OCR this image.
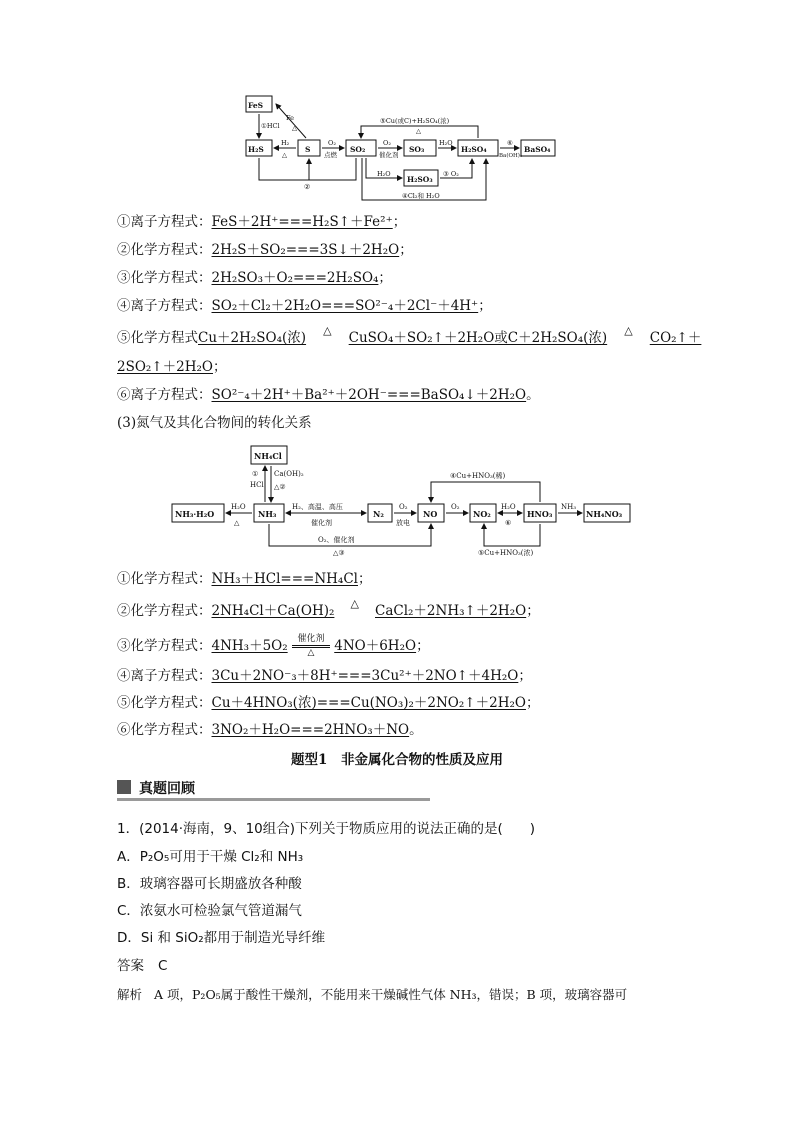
FeS
H₂S	S	SO₂	SO₃	H₂SO₄	BaSO₄
H₂SO₃
①HCl
Fe
△
H₂
△
O₂
点燃
O₂
催化剂
H₂O	⑥
Ba(OH)₂
⑤Cu(或C)+H₂SO₄(浓)
△
②
H₂O	③ O₂
④Cl₂和 H₂O
①离子方程式：FeS＋2H⁺===H₂S↑＋Fe²⁺；
②化学方程式：2H₂S＋SO₂===3S↓＋2H₂O；
③化学方程式：2H₂SO₃＋O₂===2H₂SO₄；
④离子方程式：SO₂＋Cl₂＋2H₂O===SO²⁻₄＋2Cl⁻＋4H⁺；
⑤化学方程式Cu＋2H₂SO₄(浓) △ CuSO₄＋SO₂↑＋2H₂O或C＋2H₂SO₄(浓) △ CO₂↑＋
2SO₂↑＋2H₂O；
⑥离子方程式：SO²⁻₄＋2H⁺＋Ba²⁺＋2OH⁻===BaSO₄↓＋2H₂O。
(3)氮气及其化合物间的转化关系
NH₄Cl
NH₃·H₂O	NH₃	N₂	NO	NO₂	HNO₃	NH₄NO₃
①
HCl
Ca(OH)₂
△②
H₂O
△
H₂、高温、高压
催化剂
O₂
放电
O₂	H₂O
⑥
NH₃
④Cu+HNO₃(稀)
⑤Cu+HNO₃(浓)
O₂、催化剂
△③
①化学方程式：NH₃＋HCl===NH₄Cl；
②化学方程式：2NH₄Cl＋Ca(OH)₂ △ CaCl₂＋2NH₃↑＋2H₂O；
③化学方程式：4NH₃＋5O₂	催化剂
△	4NO＋6H₂O；
④离子方程式：3Cu＋2NO⁻₃＋8H⁺===3Cu²⁺＋2NO↑＋4H₂O；
⑤化学方程式：Cu＋4HNO₃(浓)===Cu(NO₃)₂＋2NO₂↑＋2H₂O；
⑥化学方程式：3NO₂＋H₂O===2HNO₃＋NO。
题型1　非金属化合物的性质及应用
真题回顾
1．(2014·海南，9、10组合)下列关于物质应用的说法正确的是(　　)
A．P₂O₅可用于干燥 Cl₂和 NH₃
B．玻璃容器可长期盛放各种酸
C．浓氨水可检验氯气管道漏气
D．Si 和 SiO₂都用于制造光导纤维
答案 C
解析 A 项，P₂O₅属于酸性干燥剂，不能用来干燥碱性气体 NH₃，错误；B 项，玻璃容器可
